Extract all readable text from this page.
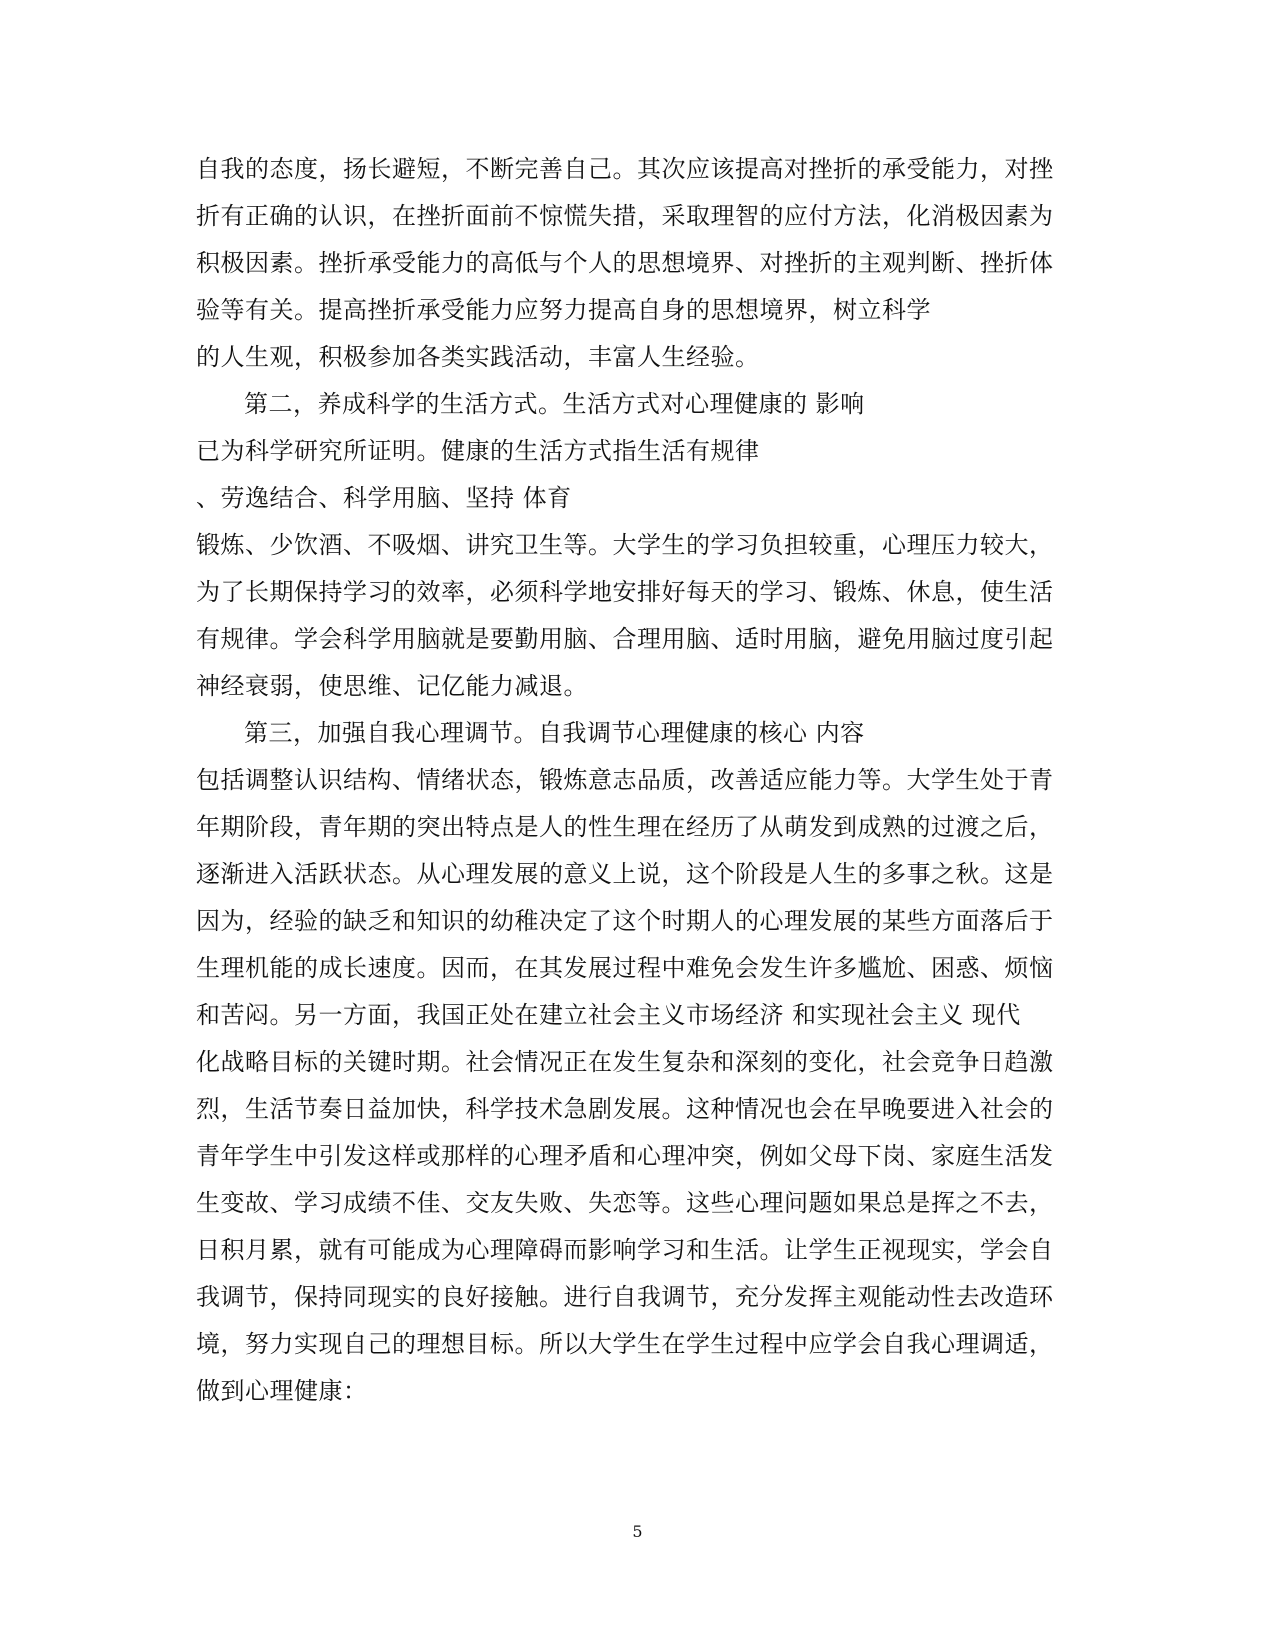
自我的态度，扬长避短，不断完善自己。其次应该提高对挫折的承受能力，对挫
折有正确的认识，在挫折面前不惊慌失措，采取理智的应付方法，化消极因素为
积极因素。挫折承受能力的高低与个人的思想境界、对挫折的主观判断、挫折体
验等有关。提高挫折承受能力应努力提高自身的思想境界，树立科学
的人生观，积极参加各类实践活动，丰富人生经验。
第二，养成科学的生活方式。生活方式对心理健康的 影响
已为科学研究所证明。健康的生活方式指生活有规律
、劳逸结合、科学用脑、坚持 体育
锻炼、少饮酒、不吸烟、讲究卫生等。大学生的学习负担较重，心理压力较大，
为了长期保持学习的效率，必须科学地安排好每天的学习、锻炼、休息，使生活
有规律。学会科学用脑就是要勤用脑、合理用脑、适时用脑，避免用脑过度引起
神经衰弱，使思维、记亿能力减退。
第三，加强自我心理调节。自我调节心理健康的核心 内容
包括调整认识结构、情绪状态，锻炼意志品质，改善适应能力等。大学生处于青
年期阶段，青年期的突出特点是人的性生理在经历了从萌发到成熟的过渡之后，
逐渐进入活跃状态。从心理发展的意义上说，这个阶段是人生的多事之秋。这是
因为，经验的缺乏和知识的幼稚决定了这个时期人的心理发展的某些方面落后于
生理机能的成长速度。因而，在其发展过程中难免会发生许多尴尬、困惑、烦恼
和苦闷。另一方面，我国正处在建立社会主义市场经济 和实现社会主义 现代
化战略目标的关键时期。社会情况正在发生复杂和深刻的变化，社会竞争日趋激
烈，生活节奏日益加快，科学技术急剧发展。这种情况也会在早晚要进入社会的
青年学生中引发这样或那样的心理矛盾和心理冲突，例如父母下岗、家庭生活发
生变故、学习成绩不佳、交友失败、失恋等。这些心理问题如果总是挥之不去，
日积月累，就有可能成为心理障碍而影响学习和生活。让学生正视现实，学会自
我调节，保持同现实的良好接触。进行自我调节，充分发挥主观能动性去改造环
境，努力实现自己的理想目标。所以大学生在学生过程中应学会自我心理调适，
做到心理健康：
5
